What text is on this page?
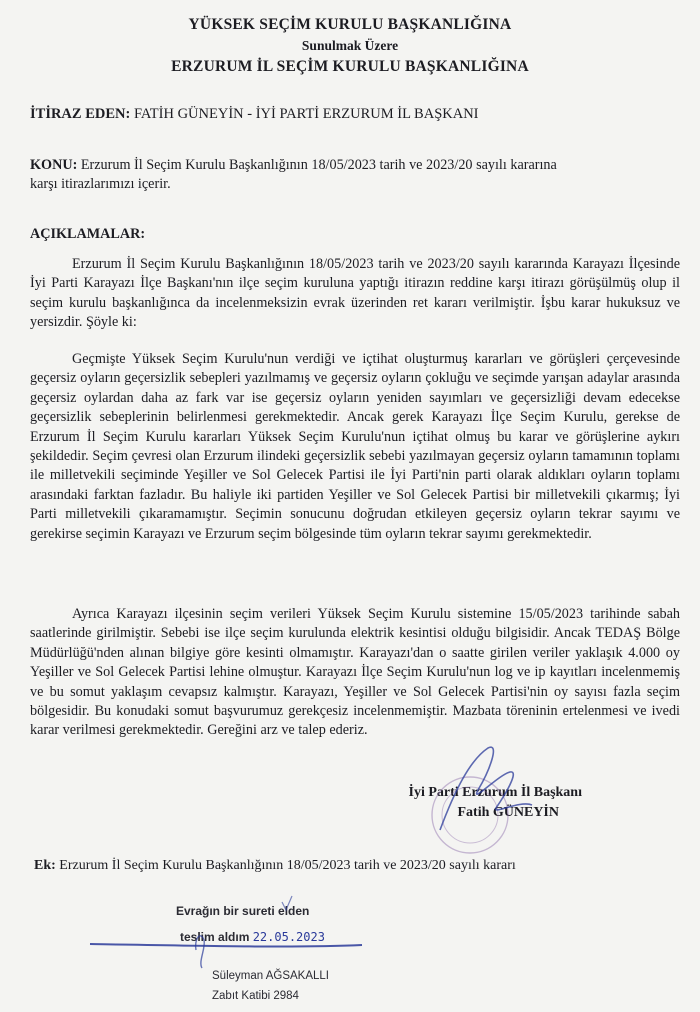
YÜKSEK SEÇİM KURULU BAŞKANLIĞINA
Sunulmak Üzere
ERZURUM İL SEÇİM KURULU BAŞKANLIĞINA
İTİRAZ EDEN: FATİH GÜNEYİN - İYİ PARTİ ERZURUM İL BAŞKANI
KONU: Erzurum İl Seçim Kurulu Başkanlığının 18/05/2023 tarih ve 2023/20 sayılı kararına
karşı itirazlarımızı içerir.
AÇIKLAMALAR:
Erzurum İl Seçim Kurulu Başkanlığının 18/05/2023 tarih ve 2023/20 sayılı kararında Karayazı İlçesinde İyi Parti Karayazı İlçe Başkanı'nın ilçe seçim kuruluna yaptığı itirazın reddine karşı itirazı görüşülmüş olup il seçim kurulu başkanlığınca da incelenmeksizin evrak üzerinden ret kararı verilmiştir. İşbu karar hukuksuz ve yersizdir. Şöyle ki:
Geçmişte Yüksek Seçim Kurulu'nun verdiği ve içtihat oluşturmuş kararları ve görüşleri çerçevesinde geçersiz oyların geçersizlik sebepleri yazılmamış ve geçersiz oyların çokluğu ve seçimde yarışan adaylar arasında geçersiz oylardan daha az fark var ise geçersiz oyların yeniden sayımları ve geçersizliği devam edecekse geçersizlik sebeplerinin belirlenmesi gerekmektedir. Ancak gerek Karayazı İlçe Seçim Kurulu, gerekse de Erzurum İl Seçim Kurulu kararları Yüksek Seçim Kurulu'nun içtihat olmuş bu karar ve görüşlerine aykırı şekildedir. Seçim çevresi olan Erzurum ilindeki geçersizlik sebebi yazılmayan geçersiz oyların tamamının toplamı ile milletvekili seçiminde Yeşiller ve Sol Gelecek Partisi ile İyi Parti'nin parti olarak aldıkları oyların toplamı arasındaki farktan fazladır. Bu haliyle iki partiden Yeşiller ve Sol Gelecek Partisi bir milletvekili çıkarmış; İyi Parti milletvekili çıkaramamıştır. Seçimin sonucunu doğrudan etkileyen geçersiz oyların tekrar sayımı ve gerekirse seçimin Karayazı ve Erzurum seçim bölgesinde tüm oyların tekrar sayımı gerekmektedir.
Ayrıca Karayazı ilçesinin seçim verileri Yüksek Seçim Kurulu sistemine 15/05/2023 tarihinde sabah saatlerinde girilmiştir. Sebebi ise ilçe seçim kurulunda elektrik kesintisi olduğu bilgisidir. Ancak TEDAŞ Bölge Müdürlüğü'nden alınan bilgiye göre kesinti olmamıştır. Karayazı'dan o saatte girilen veriler yaklaşık 4.000 oy Yeşiller ve Sol Gelecek Partisi lehine olmuştur. Karayazı İlçe Seçim Kurulu'nun log ve ip kayıtları incelenmemiş ve bu somut yaklaşım cevapsız kalmıştır. Karayazı, Yeşiller ve Sol Gelecek Partisi'nin oy sayısı fazla seçim bölgesidir. Bu konudaki somut başvurumuz gerekçesiz incelenmemiştir. Mazbata töreninin ertelenmesi ve ivedi karar verilmesi gerekmektedir. Gereğini arz ve talep ederiz.
İyi Parti Erzurum İl Başkanı
Fatih GÜNEYİN
Ek: Erzurum İl Seçim Kurulu Başkanlığının 18/05/2023 tarih ve 2023/20 sayılı kararı
Evrağın bir sureti elden
teslim aldım 22.05.2023
Süleyman AĞSAKALLI
Zabıt Katibi 2984
